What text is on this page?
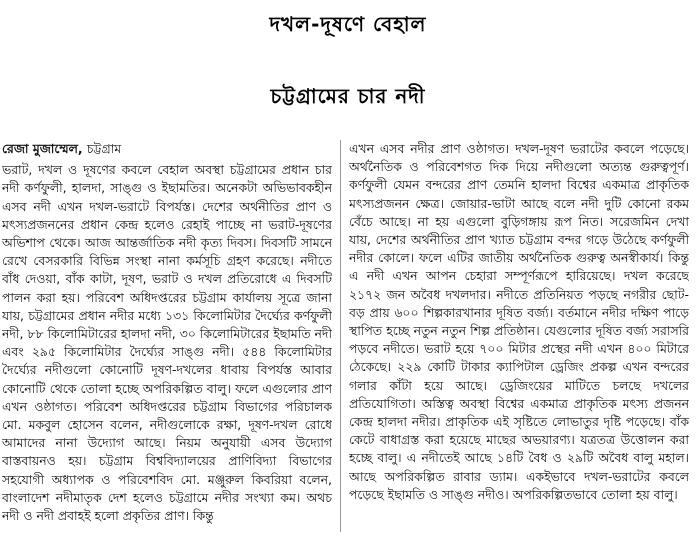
দখল-দূষণে বেহাল
চট্টগ্রামের চার নদী
রেজা মুজাম্মেল, চট্টগ্রাম

ভরাট, দখল ও দূষণের কবলে বেহাল অবস্থা চট্টগ্রামের প্রধান চার নদী কর্ণফুলী, হালদা, সাঙ্গু ও ইছামতির। অনেকটা অভিভাবকহীন এসব নদী এখন দখল-ভরাটে বিপর্যস্ত। দেশের অর্থনীতির প্রাণ ও মৎস্যপ্রজননের প্রধান কেন্দ্র হলেও রেহাই পাচ্ছে না ভরাট-দূষণের অভিশাপ থেকে। আজ আন্তর্জাতিক নদী কৃত্য দিবস। দিবসটি সামনে রেখে বেসরকারি বিভিন্ন সংস্থা নানা কর্মসূচি গ্রহণ করেছে। নদীতে বাঁধ দেওয়া, বাঁক কাটা, দূষণ, ভরাট ও দখল প্রতিরোধে এ দিবসটি পালন করা হয়। পরিবেশ অধিদপ্তরের চট্টগ্রাম কার্যালয় সূত্রে জানা যায়, চট্টগ্রামের প্রধান নদীর মধ্যে ১৩১ কিলোমিটার দৈর্ঘ্যের কর্ণফুলী নদী, ৮৮ কিলোমিটারের হালদা নদী, ৩০ কিলোমিটারের ইছামতি নদী এবং ২৯৫ কিলোমিটার দৈর্ঘ্যের সাঙ্গু নদী। ৫৪৪ কিলোমিটার দৈর্ঘ্যের নদীগুলো কোনোটি দূষণ-দখলের ধাবায় বিপর্যস্ত আবার কোনোটি থেকে তোলা হচ্ছে অপরিকল্পিত বালু। ফলে এগুলোর প্রাণ এখন ওষ্ঠাগত। পরিবেশ অধিদপ্তরের চট্টগ্রাম বিভাগের পরিচালক মো. মকবুল হোসেন বলেন, নদীগুলোকে রক্ষা, দূষণ-দখল রোধে আমাদের নানা উদ্যোগ আছে। নিয়ম অনুযায়ী এসব উদ্যোগ বাস্তবায়নও হয়। চট্টগ্রাম বিশ্ববিদ্যালয়ের প্রাণিবিদ্যা বিভাগের সহযোগী অধ্যাপক ও পরিবেশবিদ মো. মঞ্জুরুল কিবরিয়া বলেন, বাংলাদেশ নদীমাতৃক দেশ হলেও চট্টগ্রামে নদীর সংখ্যা কম। অথচ নদী ও নদী প্রবাহই হলো প্রকৃতির প্রাণ। কিন্তু

এখন এসব নদীর প্রাণ ওষ্ঠাগত। দখল-দূষণ ভরাটের কবলে পড়েছে। অর্থনৈতিক ও পরিবেশগত দিক দিয়ে নদীগুলো অত্যন্ত গুরুত্বপূর্ণ। কর্ণফুলী যেমন বন্দরের প্রাণ তেমনি হালদা বিশ্বের একমাত্র প্রাকৃতিক মৎস্যপ্রজনন ক্ষেত্র। জোয়ার-ভাটা আছে বলে নদী দুটি কোনো রকম বেঁচে আছে। না হয় এগুলো বুড়িগঙ্গায় রূপ নিত। সরেজমিন দেখা যায়, দেশের অর্থনীতির প্রাণ খ্যাত চট্টগ্রাম বন্দর গড়ে উঠেছে কর্ণফুলী নদীর কোলে। ফলে এটির জাতীয় অর্থনৈতিক গুরুত্ব অনস্বীকার্য। কিন্তু এ নদী এখন আপন চেহারা সম্পূর্ণরূপে হারিয়েছে। দখল করেছে ২১৭২ জন অবৈধ দখলদার। নদীতে প্রতিনিয়ত পড়ছে নগরীর ছোট-বড় প্রায় ৬০০ শিল্পকারখানার দূষিত বর্জ্য। বর্তমানে নদীর দক্ষিণ পাড়ে স্থাপিত হচ্ছে নতুন নতুন শিল্প প্রতিষ্ঠান। যেগুলোর দূষিত বর্জ্য সরাসরি পড়বে নদীতে। ভরাট হয়ে ৭০০ মিটার প্রস্থের নদী এখন ৪০০ মিটারে ঠেকেছে। ২২৯ কোটি টাকার ক্যাপিটাল ড্রেজিং প্রকল্প এখন বন্দরের গলার কাঁটা হয়ে আছে। ড্রেজিংয়ের মাটিতে চলছে দখলের প্রতিযোগিতা। অস্তিত্ব অবস্থা বিশ্বের একমাত্র প্রাকৃতিক মৎস্য প্রজনন কেন্দ্র হালদা নদীর। প্রাকৃতিক এই সৃষ্টিতে লোভাতুর দৃষ্টি পড়েছে। বাঁক কেটে বাধাগ্রস্ত করা হয়েছে মাছের অভয়ারণ্য। যত্রতত্র উত্তোলন করা হচ্ছে বালু। এ নদীতেই আছে ১৪টি বৈধ ও ২৯টি অবৈধ বালু মহাল। আছে অপরিকল্পিত রাবার ড্যাম। একইভাবে দখল-ভরাটের কবলে পড়েছে ইছামতি ও সাঙ্গু নদীও। অপরিকল্পিতভাবে তোলা হয় বালু।
